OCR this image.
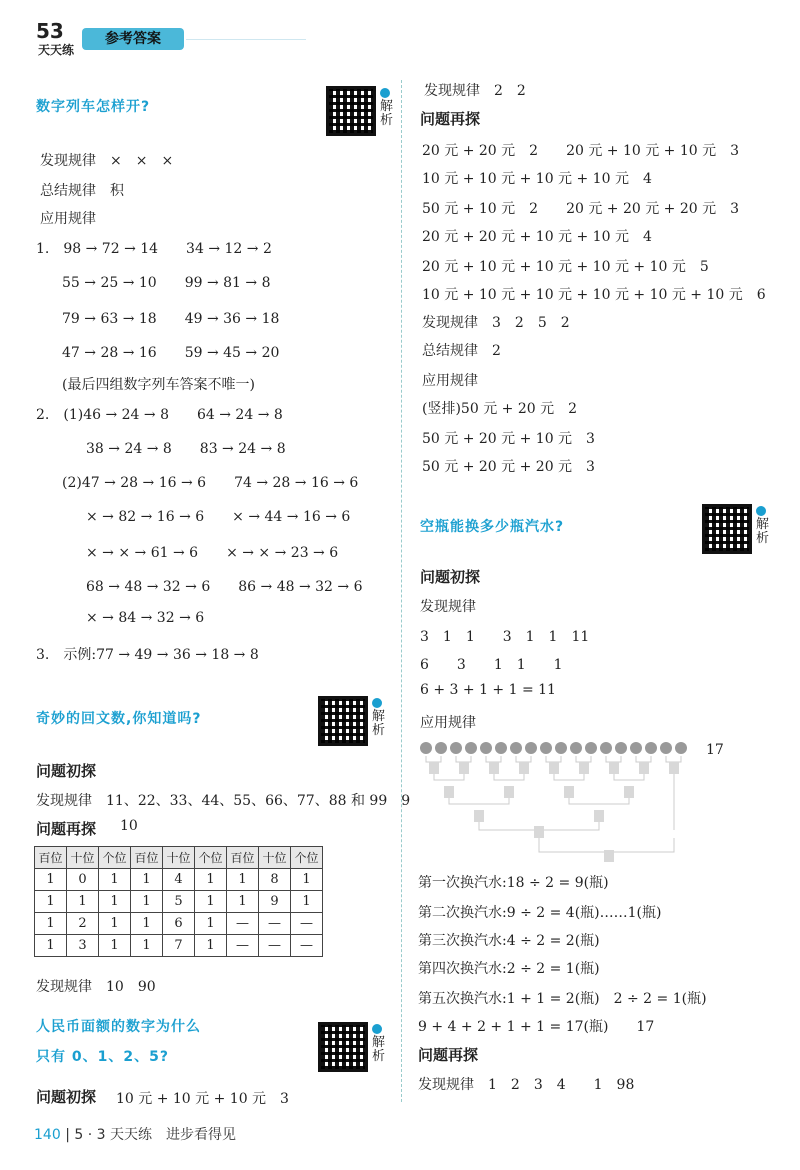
53
天天练
参考答案
数字列车怎样开?	解析
发现规律　×　×　×
总结规律　积
应用规律
1.　98 → 72 → 14　　34 → 12 → 2
55 → 25 → 10　　99 → 81 → 8
79 → 63 → 18　　49 → 36 → 18
47 → 28 → 16　　59 → 45 → 20
(最后四组数字列车答案不唯一)
2.　(1)46 → 24 → 8　　64 → 24 → 8
38 → 24 → 8　　83 → 24 → 8
(2)47 → 28 → 16 → 6　　74 → 28 → 16 → 6
× → 82 → 16 → 6　　× → 44 → 16 → 6
× → × → 61 → 6　　× → × → 23 → 6
68 → 48 → 32 → 6　　86 → 48 → 32 → 6
× → 84 → 32 → 6
3.　示例:77 → 49 → 36 → 18 → 8
奇妙的回文数,你知道吗?	解析
问题初探
发现规律　11、22、33、44、55、66、77、88 和 99　9
问题再探 10
百位	十位	个位	百位	十位	个位	百位	十位	个位
1	0	1	1	4	1	1	8	1
1	1	1	1	5	1	1	9	1
1	2	1	1	6	1	—	—	—
1	3	1	1	7	1	—	—	—
发现规律　10　90
人民币面额的数字为什么
只有 0、1、2、5?
解析
问题初探 10 元 + 10 元 + 10 元　3
发现规律　2　2
问题再探
20 元 + 20 元　2　　20 元 + 10 元 + 10 元　3
10 元 + 10 元 + 10 元 + 10 元　4
50 元 + 10 元　2　　20 元 + 20 元 + 20 元　3
20 元 + 20 元 + 10 元 + 10 元　4
20 元 + 10 元 + 10 元 + 10 元 + 10 元　5
10 元 + 10 元 + 10 元 + 10 元 + 10 元 + 10 元　6
发现规律　3　2　5　2
总结规律　2
应用规律
(竖排)50 元 + 20 元　2
50 元 + 20 元 + 10 元　3
50 元 + 20 元 + 20 元　3
空瓶能换多少瓶汽水?	解析
问题初探
发现规律
3　1　1　　3　1　1　11
6　　3　　1　1　　1
6 + 3 + 1 + 1 = 11
应用规律
17
第一次换汽水:18 ÷ 2 = 9(瓶)
第二次换汽水:9 ÷ 2 = 4(瓶)……1(瓶)
第三次换汽水:4 ÷ 2 = 2(瓶)
第四次换汽水:2 ÷ 2 = 1(瓶)
第五次换汽水:1 + 1 = 2(瓶)　2 ÷ 2 = 1(瓶)
9 + 4 + 2 + 1 + 1 = 17(瓶)　　17
问题再探
发现规律　1　2　3　4　　1　98
140 | 5 · 3 天天练　进步看得见
